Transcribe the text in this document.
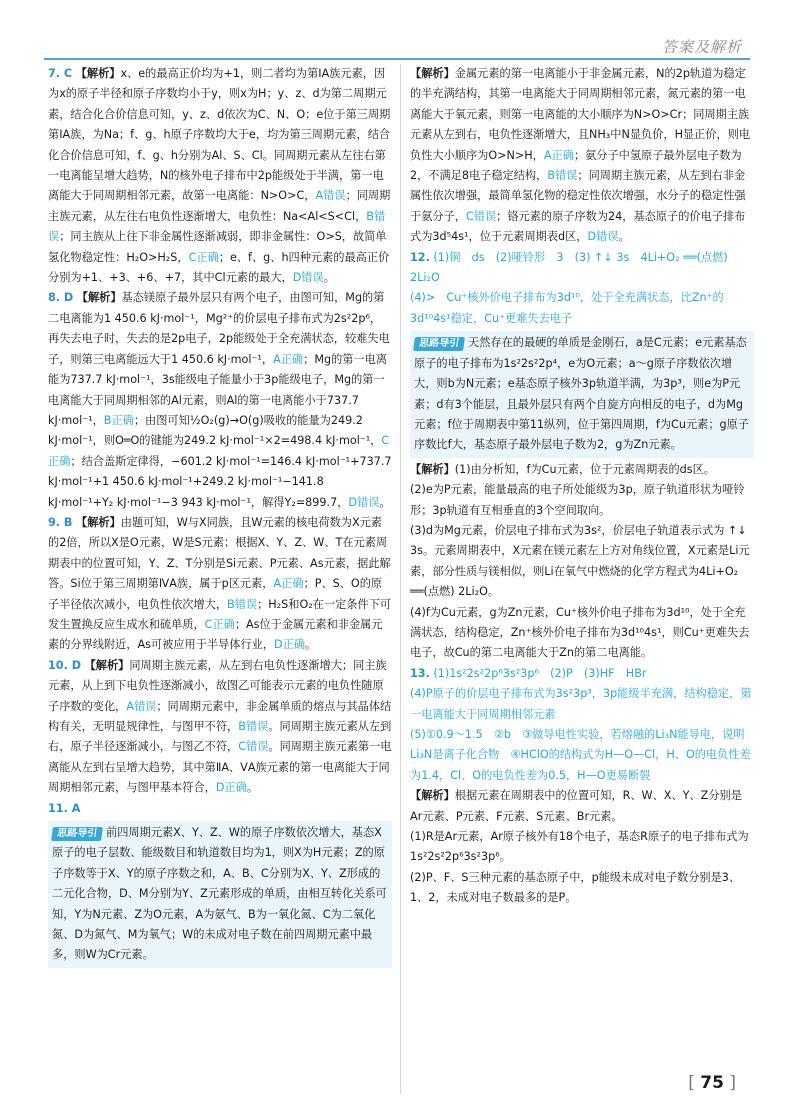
答案及解析

7. C 【解析】x、e的最高正价均为+1，则二者均为第ⅠA族元素，因为x的原子半径和原子序数均小于y，则x为H；y、z、d为第二周期元素，结合化合价信息可知，y、z、d依次为C、N、O；e位于第三周期第ⅠA族，为Na；f、g、h原子序数均大于e，均为第三周期元素，结合化合价信息可知，f、g、h分别为Al、S、Cl。同周期元素从左往右第一电离能呈增大趋势，N的核外电子排布中2p能级处于半满，第一电离能大于同周期相邻元素，故第一电离能：N>O>C，A错误；同周期主族元素，从左往右电负性逐渐增大，电负性：Na<Al<S<Cl，B错误；同主族从上往下非金属性逐渐减弱，即非金属性：O>S，故简单氢化物稳定性：H₂O>H₂S，C正确；e、f、g、h四种元素的最高正价分别为+1、+3、+6、+7，其中Cl元素的最大，D错误。

8. D 【解析】基态镁原子最外层只有两个电子，由图可知，Mg的第二电离能为1 450.6 kJ·mol⁻¹，Mg²⁺的价层电子排布式为2s²2p⁶，再失去电子时，失去的是2p电子，2p能级处于全充满状态，较难失电子，则第三电离能远大于1 450.6 kJ·mol⁻¹，A正确；Mg的第一电离能为737.7 kJ·mol⁻¹，3s能级电子能量小于3p能级电子，Mg的第一电离能大于同周期相邻的Al元素，则Al的第一电离能小于737.7 kJ·mol⁻¹，B正确；由图可知½O₂(g)→O(g)吸收的能量为249.2 kJ·mol⁻¹，则O═O的键能为249.2 kJ·mol⁻¹×2=498.4 kJ·mol⁻¹，C正确；结合盖斯定律得，−601.2 kJ·mol⁻¹=146.4 kJ·mol⁻¹+737.7 kJ·mol⁻¹+1 450.6 kJ·mol⁻¹+249.2 kJ·mol⁻¹−141.8 kJ·mol⁻¹+Y₂ kJ·mol⁻¹−3 943 kJ·mol⁻¹，解得Y₂=899.7，D错误。

9. B 【解析】由题可知，W与X同族，且W元素的核电荷数为X元素的2倍，所以X是O元素，W是S元素；根据X、Y、Z、W、T在元素周期表中的位置可知，Y、Z、T分别是Si元素、P元素、As元素，据此解答。Si位于第三周期第ⅣA族，属于p区元素，A正确；P、S、O的原子半径依次减小，电负性依次增大，B错误；H₂S和O₂在一定条件下可发生置换反应生成水和硫单质，C正确；As位于金属元素和非金属元素的分界线附近，As可被应用于半导体行业，D正确。

10. D 【解析】同周期主族元素，从左到右电负性逐渐增大；同主族元素，从上到下电负性逐渐减小，故图乙可能表示元素的电负性随原子序数的变化，A错误；同周期元素中，非金属单质的熔点与其晶体结构有关，无明显规律性，与图甲不符，B错误。同周期主族元素从左到右，原子半径逐渐减小，与图乙不符，C错误。同周期主族元素第一电离能从左到右呈增大趋势，其中第ⅡA、ⅤA族元素的第一电离能大于同周期相邻元素，与图甲基本符合，D正确。

11. A

思路导引 前四周期元素X、Y、Z、W的原子序数依次增大，基态X原子的电子层数、能级数目和轨道数目均为1，则X为H元素；Z的原子序数等于X、Y的原子序数之和，A、B、C分别为X、Y、Z形成的二元化合物，D、M分别为Y、Z元素形成的单质，由相互转化关系可知，Y为N元素、Z为O元素，A为氨气、B为一氧化氮、C为二氧化氮、D为氮气、M为氧气；W的未成对电子数在前四周期元素中最多，则W为Cr元素。

【解析】金属元素的第一电离能小于非金属元素，N的2p轨道为稳定的半充满结构，其第一电离能大于同周期相邻元素，氮元素的第一电离能大于氧元素，则第一电离能的大小顺序为N>O>Cr；同周期主族元素从左到右，电负性逐渐增大，且NH₃中N显负价，H显正价，则电负性大小顺序为O>N>H，A正确；氨分子中氢原子最外层电子数为2，不满足8电子稳定结构，B错误；同周期主族元素，从左到右非金属性依次增强，最简单氢化物的稳定性依次增强，水分子的稳定性强于氨分子，C错误；铬元素的原子序数为24，基态原子的价电子排布式为3d⁵4s¹，位于元素周期表d区，D错误。

12. (1)铜　ds　(2)哑铃形　3　(3) ↑↓ 3s　4Li+O₂ ══(点燃) 2Li₂O

(4)>　Cu⁺核外价电子排布为3d¹⁰，处于全充满状态，比Zn⁺的3d¹⁰4s¹稳定，Cu⁺更难失去电子

思路导引 天然存在的最硬的单质是金刚石，a是C元素；e元素基态原子的电子排布为1s²2s²2p⁴，e为O元素；a～g原子序数依次增大，则b为N元素；e基态原子核外3p轨道半满，为3p³，则e为P元素；d有3个能层，且最外层只有两个自旋方向相反的电子，d为Mg元素；f位于周期表中第11纵列，位于第四周期，f为Cu元素；g原子序数比f大，基态原子最外层电子数为2，g为Zn元素。

【解析】(1)由分析知，f为Cu元素，位于元素周期表的ds区。

(2)e为P元素，能量最高的电子所处能级为3p，原子轨道形状为哑铃形；3p轨道有互相垂直的3个空间取向。

(3)d为Mg元素，价层电子排布式为3s²，价层电子轨道表示式为 ↑↓ 3s。元素周期表中，X元素在镁元素左上方对角线位置，X元素是Li元素，部分性质与镁相似，则Li在氧气中燃烧的化学方程式为4Li+O₂ ══(点燃) 2Li₂O。

(4)f为Cu元素，g为Zn元素，Cu⁺核外价电子排布为3d¹⁰，处于全充满状态，结构稳定，Zn⁺核外价电子排布为3d¹⁰4s¹，则Cu⁺更难失去电子，故Cu的第二电离能大于Zn的第二电离能。

13. (1)1s²2s²2p⁶3s²3p⁶　(2)P　(3)HF　HBr

(4)P原子的价层电子排布式为3s²3p³，3p能级半充满，结构稳定，第一电离能大于同周期相邻元素

(5)①0.9～1.5　②b　③做导电性实验，若熔融的Li₃N能导电，说明Li₃N是离子化合物　④HClO的结构式为H—O—Cl，H、O的电负性差为1.4，Cl、O的电负性差为0.5，H—O更易断裂

【解析】根据元素在周期表中的位置可知，R、W、X、Y、Z分别是Ar元素、P元素、F元素、S元素、Br元素。

(1)R是Ar元素，Ar原子核外有18个电子，基态R原子的电子排布式为1s²2s²2p⁶3s²3p⁶。

(2)P、F、S三种元素的基态原子中，p能级未成对电子数分别是3、1、2，未成对电子数最多的是P。

[ 75 ]
